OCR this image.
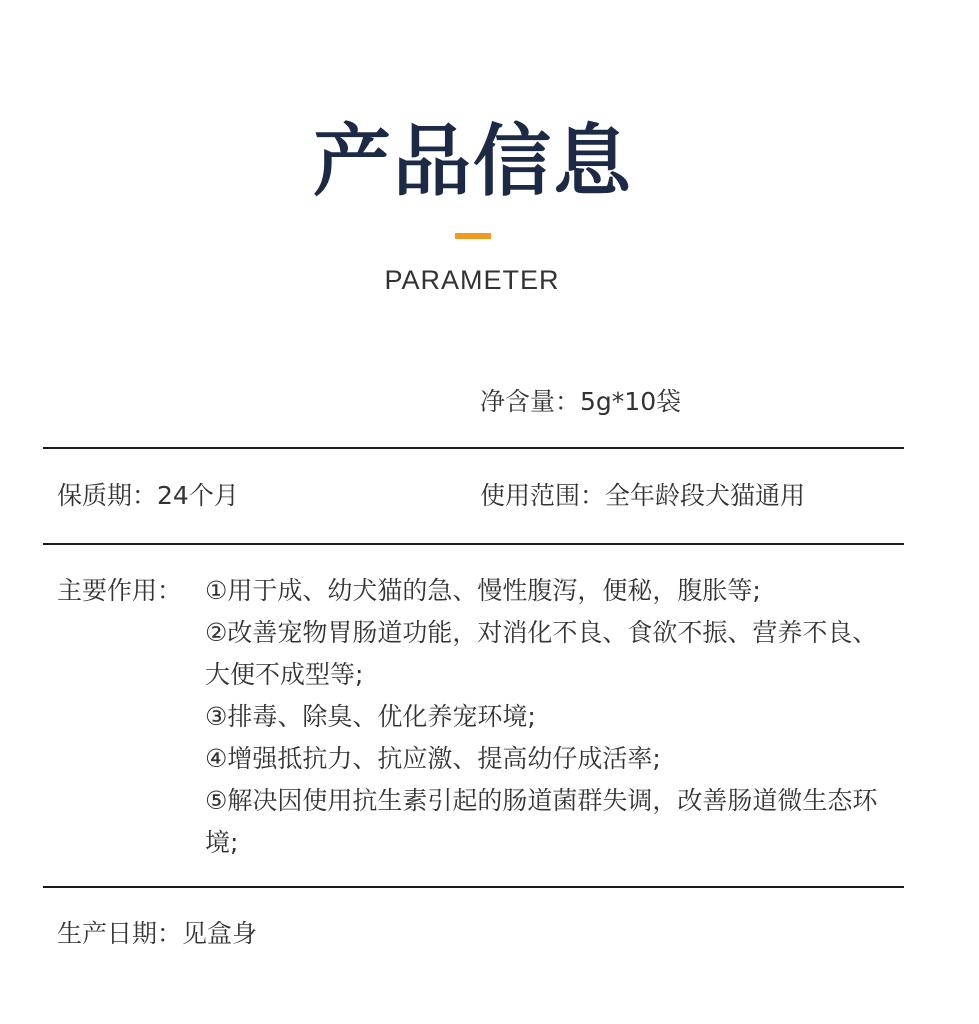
产品信息
PARAMETER
净含量：5g*10袋
保质期：24个月	使用范围：全年龄段犬猫通用
主要作用： ①用于成、幼犬猫的急、慢性腹泻，便秘，腹胀等;
②改善宠物胃肠道功能，对消化不良、食欲不振、营养不良、大便不成型等;
③排毒、除臭、优化养宠环境;
④增强抵抗力、抗应激、提高幼仔成活率;
⑤解决因使用抗生素引起的肠道菌群失调，改善肠道微生态环境;
生产日期：见盒身
